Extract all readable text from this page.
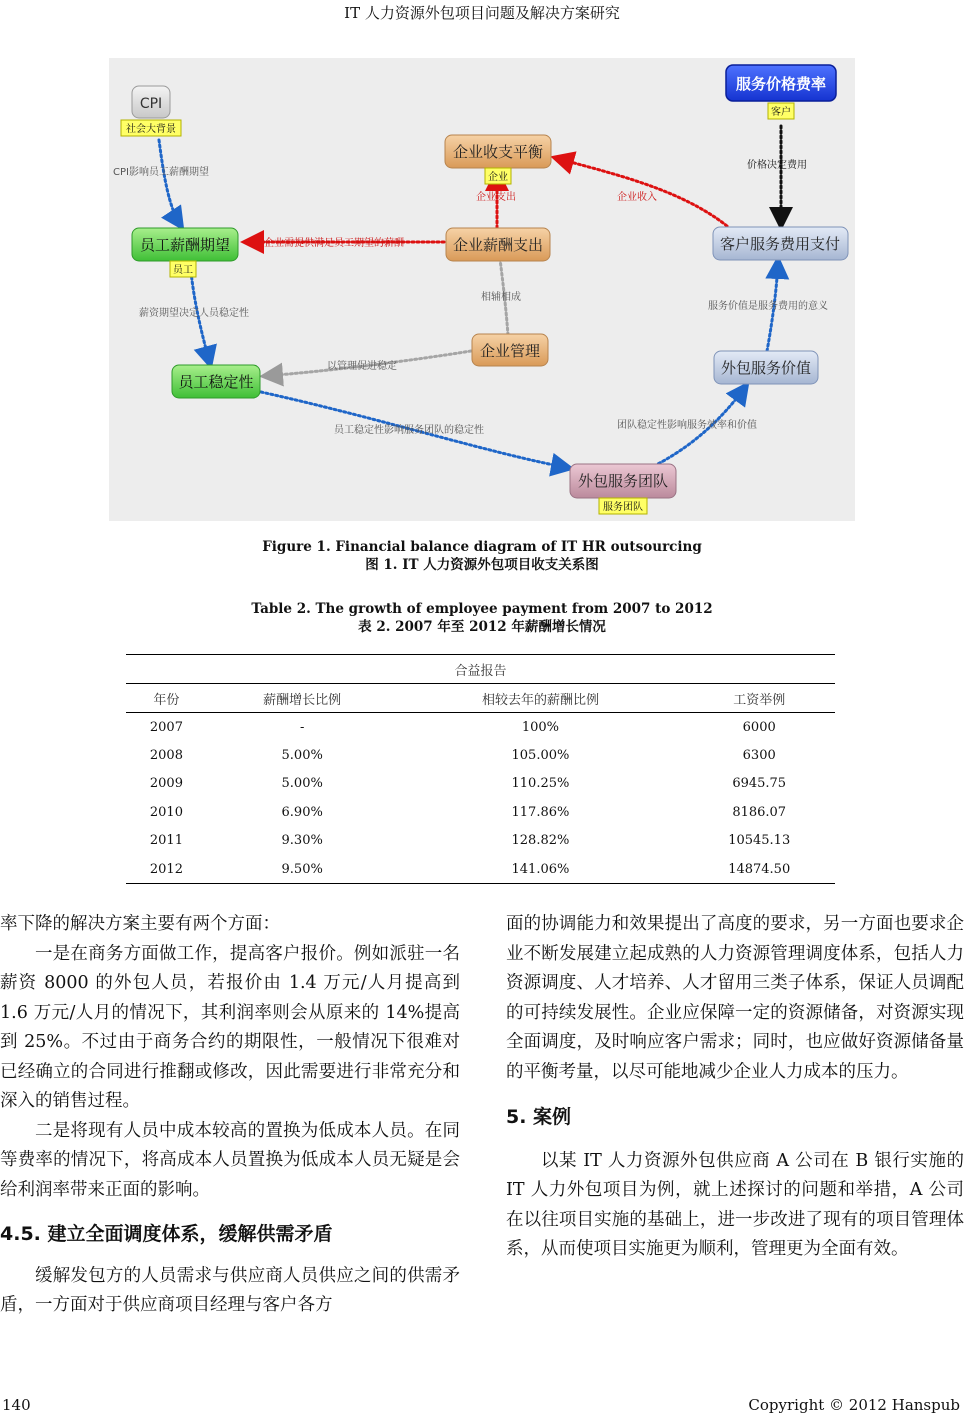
IT 人力资源外包项目问题及解决方案研究
CPI影响员工薪酬期望
企业需提供满足员工期望的薪酬
企业支出	企业收入
价格决定费用
相辅相成
薪资期望决定人员稳定性
以管理促进稳定
服务价值是服务费用的意义
员工稳定性影响服务团队的稳定性	团队稳定性影响服务效率和价值
CPI
服务价格费率
企业收支平衡
员工薪酬期望	企业薪酬支出	客户服务费用支付
企业管理
员工稳定性
外包服务价值
外包服务团队
社会大背景
客户
企业
员工
服务团队
Figure 1. Financial balance diagram of IT HR outsourcing
图 1. IT 人力资源外包项目收支关系图
Table 2. The growth of employee payment from 2007 to 2012
表 2. 2007 年至 2012 年薪酬增长情况
合益报告			
年份	薪酬增长比例	相较去年的薪酬比例	工资举例
2007	-	100%	6000
2008	5.00%	105.00%	6300
2009	5.00%	110.25%	6945.75
2010	6.90%	117.86%	8186.07
2011	9.30%	128.82%	10545.13
2012	9.50%	141.06%	14874.50

率下降的解决方案主要有两个方面：

一是在商务方面做工作，提高客户报价。例如派驻一名薪资 8000 的外包人员，若报价由 1.4 万元/人月提高到 1.6 万元/人月的情况下，其利润率则会从原来的 14%提高到 25%。不过由于商务合约的期限性，一般情况下很难对已经确立的合同进行推翻或修改，因此需要进行非常充分和深入的销售过程。

二是将现有人员中成本较高的置换为低成本人员。在同等费率的情况下，将高成本人员置换为低成本人员无疑是会给利润率带来正面的影响。

4.5. 建立全面调度体系，缓解供需矛盾

缓解发包方的人员需求与供应商人员供应之间的供需矛盾，一方面对于供应商项目经理与客户各方

面的协调能力和效果提出了高度的要求，另一方面也要求企业不断发展建立起成熟的人力资源管理调度体系，包括人力资源调度、人才培养、人才留用三类子体系，保证人员调配的可持续发展性。企业应保障一定的资源储备，对资源实现全面调度，及时响应客户需求；同时，也应做好资源储备量的平衡考量，以尽可能地减少企业人力成本的压力。

5. 案例

以某 IT 人力资源外包供应商 A 公司在 B 银行实施的 IT 人力外包项目为例，就上述探讨的问题和举措，A 公司在以往项目实施的基础上，进一步改进了现有的项目管理体系，从而使项目实施更为顺利，管理更为全面有效。

140	Copyright © 2012 Hanspub
